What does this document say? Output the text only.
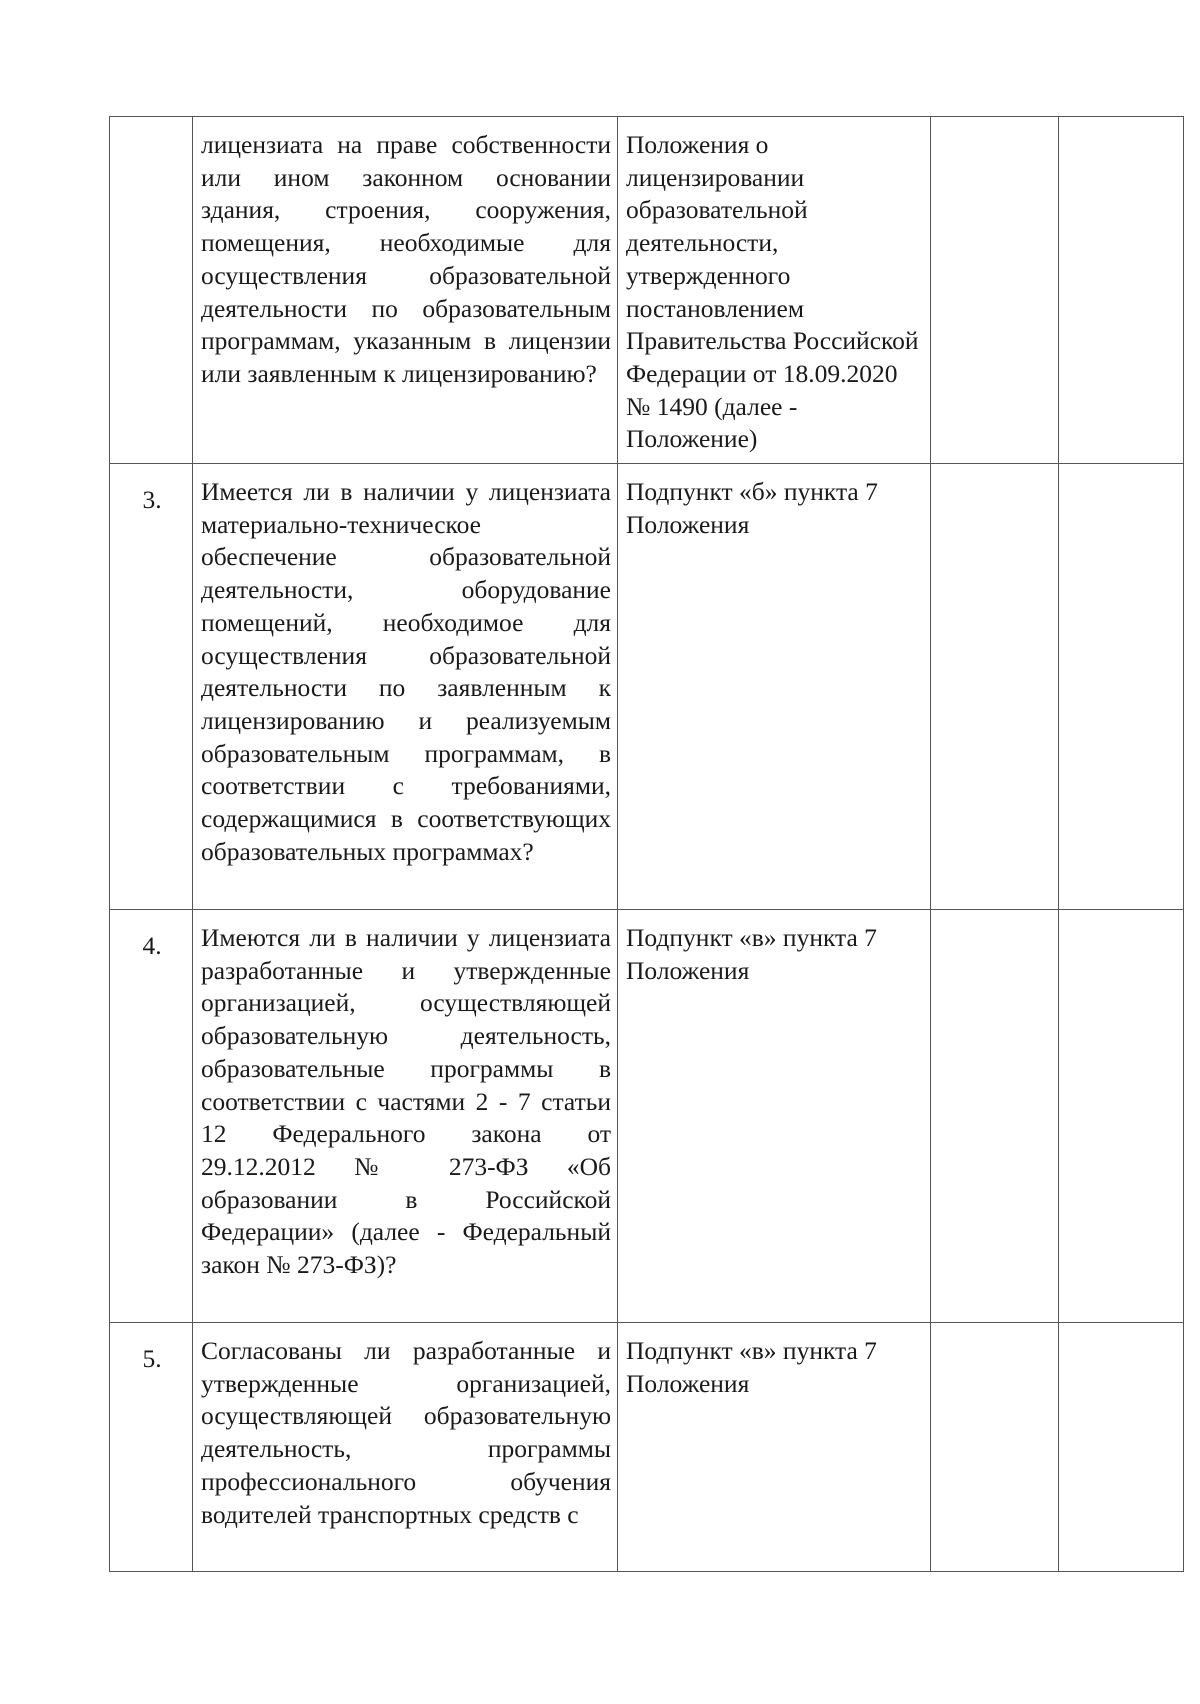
	лицензиата на праве собственности или ином законном основании здания, строения, сооружения, помещения, необходимые для осуществления образовательной деятельности по образовательным программам, указанным в лицензии или заявленным к лицензированию?	Положения о лицензировании образовательной деятельности, утвержденного постановлением Правительства Российской Федерации от 18.09.2020 № 1490 (далее - Положение)		

3.	Имеется ли в наличии у лицензиата материально-техническое обеспечение образовательной деятельности, оборудование помещений, необходимое для осуществления образовательной деятельности по заявленным к лицензированию и реализуемым образовательным программам, в соответствии с требованиями, содержащимися в соответствующих образовательных программах?	Подпункт «б» пункта 7 Положения		

4.	Имеются ли в наличии у лицензиата разработанные и утвержденные организацией, осуществляющей образовательную деятельность, образовательные программы в соответствии с частями 2 - 7 статьи 12 Федерального закона от 29.12.2012 № 273-ФЗ «Об образовании в Российской Федерации» (далее - Федеральный закон № 273-ФЗ)?	Подпункт «в» пункта 7 Положения		

5.	Согласованы ли разработанные и утвержденные организацией, осуществляющей образовательную деятельность, программы профессионального обучения водителей транспортных средств с	Подпункт «в» пункта 7 Положения		
